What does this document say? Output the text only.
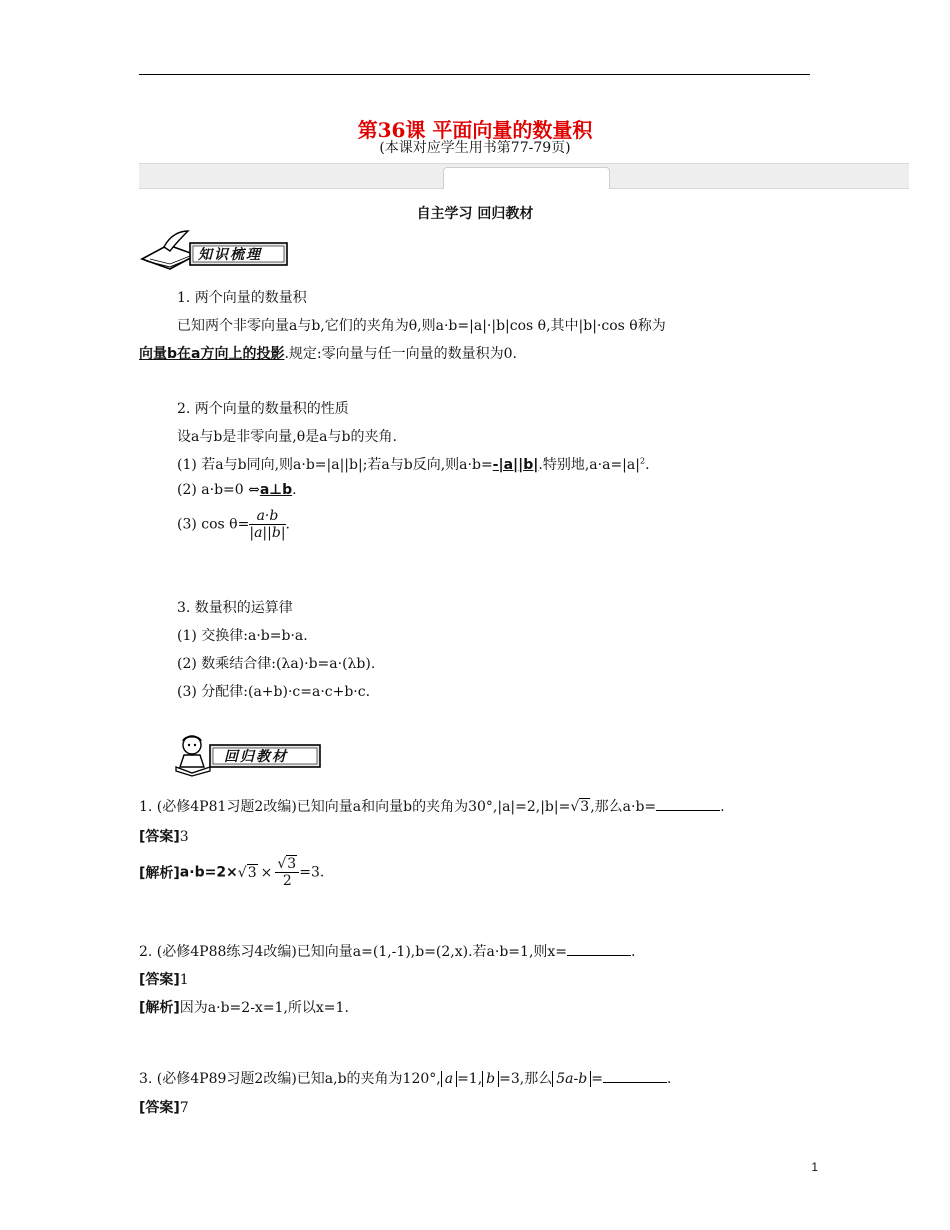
第36课 平面向量的数量积
(本课对应学生用书第77-79页)
自主学习 回归教材
知识梳理
1. 两个向量的数量积
已知两个非零向量a与b,它们的夹角为θ,则a·b=|a|·|b|cos θ,其中|b|·cos θ称为
向量b在a方向上的投影.规定:零向量与任一向量的数量积为0.
2. 两个向量的数量积的性质
设a与b是非零向量,θ是a与b的夹角.
(1) 若a与b同向,则a·b=|a||b|;若a与b反向,则a·b=-|a||b|.特别地$,a\cdot a=|a|^2$.
(2) a·b=0 ⇔a⊥b.
(3) $\cos \theta= \frac{a\cdot b}{|a||b|}$ .
3. 数量积的运算律
(1) 交换律:a·b=b·a.
(2) 数乘结合律:(λa)·b=a·(λb).
(3) 分配律:(a+b)·c=a·c+b·c.
回归教材
1. (必修4P81习题2改编)已知向量a和向量b的夹角为30°,|a|=2,|b|=√3,那么a·b=	.
[答案]3
[解析]$a\cdot b=2\times√3 \times \frac{√3}{2} =3$.
2. (必修4P88练习4改编)已知向量a=(1,-1),b=(2,x).若a·b=1,则x=	.
[答案]1
[解析]因为a·b=2-x=1,所以x=1.
3. (必修4P89习题2改编)已知a,b的夹角为120°, a =1, b =3,那么 5a-b =	.
[答案]7
1
